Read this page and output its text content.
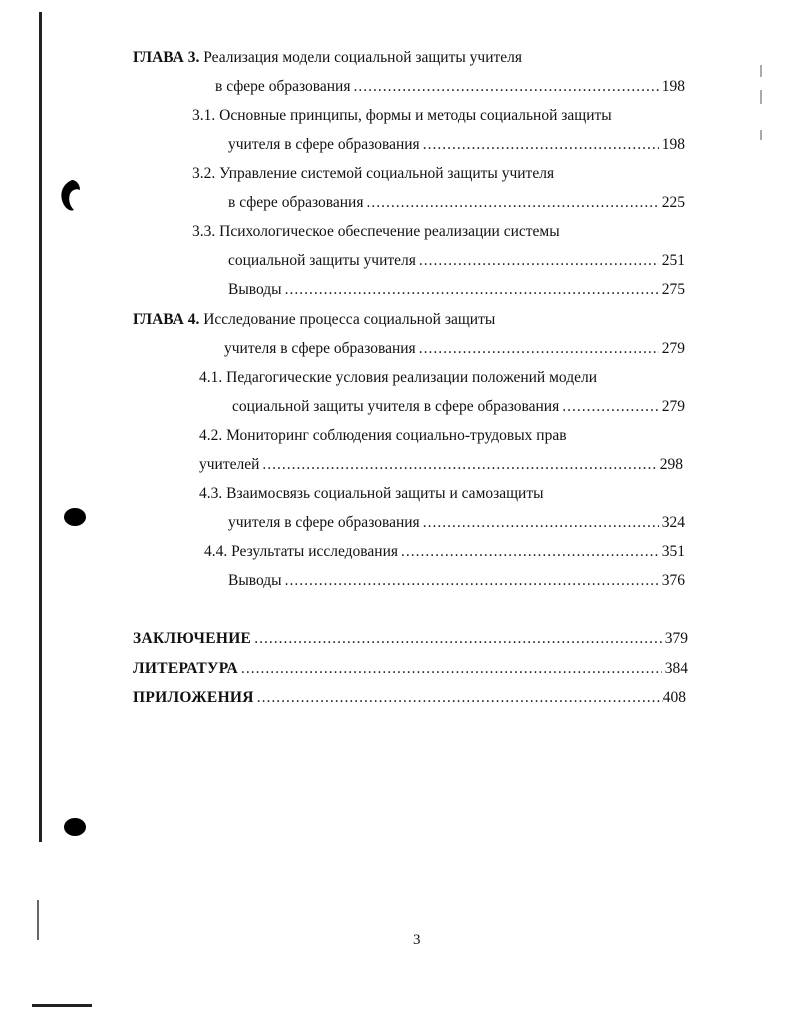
ГЛАВА 3. Реализация модели социальной защиты учителя
в сфере образования .....	198
3.1. Основные принципы, формы и методы социальной защиты
учителя в сфере образования .....	198
3.2. Управление системой социальной защиты учителя
в сфере образования .....	225
3.3. Психологическое обеспечение реализации системы
социальной защиты учителя .....	251
Выводы .....	275
ГЛАВА 4. Исследование процесса социальной защиты
учителя в сфере образования .....	279
4.1. Педагогические условия реализации положений модели
социальной защиты учителя в сфере образования .....	279
4.2. Мониторинг соблюдения социально-трудовых прав
учителей .....	298
4.3. Взаимосвязь социальной защиты и самозащиты
учителя в сфере образования .....	324
4.4. Результаты исследования .....	351
Выводы .....	376
ЗАКЛЮЧЕНИЕ .....	379
ЛИТЕРАТУРА .....	384
ПРИЛОЖЕНИЯ .....	408
3
